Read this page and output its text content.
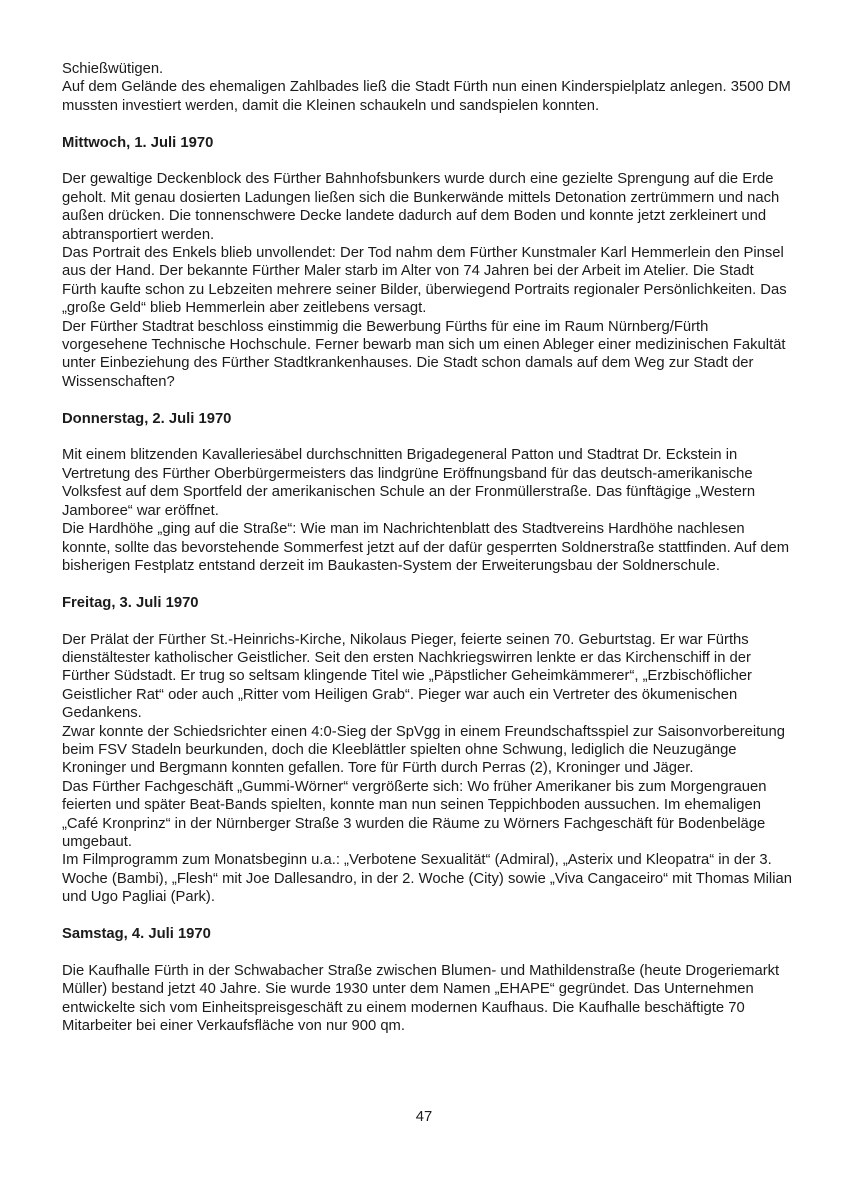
Schießwütigen.

Auf dem Gelände des ehemaligen Zahlbades ließ die Stadt Fürth nun einen Kinderspielplatz anlegen. 3500 DM mussten investiert werden, damit die Kleinen schaukeln und sandspielen konnten.

Mittwoch, 1. Juli 1970

Der gewaltige Deckenblock des Fürther Bahnhofsbunkers wurde durch eine gezielte Sprengung auf die Erde geholt. Mit genau dosierten Ladungen ließen sich die Bunkerwände mittels Detonation zertrümmern und nach außen drücken. Die tonnenschwere Decke landete dadurch auf dem Boden und konnte jetzt zerkleinert und abtransportiert werden.

Das Portrait des Enkels blieb unvollendet: Der Tod nahm dem Fürther Kunstmaler Karl Hemmerlein den Pinsel aus der Hand. Der bekannte Fürther Maler starb im Alter von 74 Jahren bei der Arbeit im Atelier. Die Stadt Fürth kaufte schon zu Lebzeiten mehrere seiner Bilder, überwiegend Portraits regionaler Persönlichkeiten. Das „große Geld“ blieb Hemmerlein aber zeitlebens versagt.

Der Fürther Stadtrat beschloss einstimmig die Bewerbung Fürths für eine im Raum Nürnberg/Fürth vorgesehene Technische Hochschule. Ferner bewarb man sich um einen Ableger einer medizinischen Fakultät unter Einbeziehung des Fürther Stadtkrankenhauses. Die Stadt schon damals auf dem Weg zur Stadt der Wissenschaften?

Donnerstag, 2. Juli 1970

Mit einem blitzenden Kavalleriesäbel durchschnitten Brigadegeneral Patton und Stadtrat Dr. Eckstein in Vertretung des Fürther Oberbürgermeisters das lindgrüne Eröffnungsband für das deutsch-amerikanische Volksfest auf dem Sportfeld der amerikanischen Schule an der Fronmüllerstraße. Das fünftägige „Western Jamboree“ war eröffnet.

Die Hardhöhe „ging auf die Straße“: Wie man im Nachrichtenblatt des Stadtvereins Hardhöhe nachlesen konnte, sollte das bevorstehende Sommerfest jetzt auf der dafür gesperrten Soldnerstraße stattfinden. Auf dem bisherigen Festplatz entstand derzeit im Baukasten-System der Erweiterungsbau der Soldnerschule.

Freitag, 3. Juli 1970

Der Prälat der Fürther St.-Heinrichs-Kirche, Nikolaus Pieger, feierte seinen 70. Geburtstag. Er war Fürths dienstältester katholischer Geistlicher. Seit den ersten Nachkriegswirren lenkte er das Kirchenschiff in der Fürther Südstadt. Er trug so seltsam klingende Titel wie „Päpstlicher Geheimkämmerer“, „Erzbischöflicher Geistlicher Rat“ oder auch „Ritter vom Heiligen Grab“. Pieger war auch ein Vertreter des ökumenischen Gedankens.

Zwar konnte der Schiedsrichter einen 4:0-Sieg der SpVgg in einem Freundschaftsspiel zur Saisonvorbereitung beim FSV Stadeln beurkunden, doch die Kleeblättler spielten ohne Schwung, lediglich die Neuzugänge Kroninger und Bergmann konnten gefallen. Tore für Fürth durch Perras (2), Kroninger und Jäger.

Das Fürther Fachgeschäft „Gummi-Wörner“ vergrößerte sich: Wo früher Amerikaner bis zum Morgengrauen feierten und später Beat-Bands spielten, konnte man nun seinen Teppichboden aussuchen. Im ehemaligen „Café Kronprinz“ in der Nürnberger Straße 3 wurden die Räume zu Wörners Fachgeschäft für Bodenbeläge umgebaut.

Im Filmprogramm zum Monatsbeginn u.a.: „Verbotene Sexualität“ (Admiral), „Asterix und Kleopatra“ in der 3. Woche (Bambi), „Flesh“ mit Joe Dallesandro, in der 2. Woche (City) sowie „Viva Cangaceiro“ mit Thomas Milian und Ugo Pagliai (Park).

Samstag, 4. Juli 1970

Die Kaufhalle Fürth in der Schwabacher Straße zwischen Blumen- und Mathildenstraße (heute Drogeriemarkt Müller) bestand jetzt 40 Jahre. Sie wurde 1930 unter dem Namen „EHAPE“ gegründet. Das Unternehmen entwickelte sich vom Einheitspreisgeschäft zu einem modernen Kaufhaus. Die Kaufhalle beschäftigte 70 Mitarbeiter bei einer Verkaufsfläche von nur 900 qm.

47
